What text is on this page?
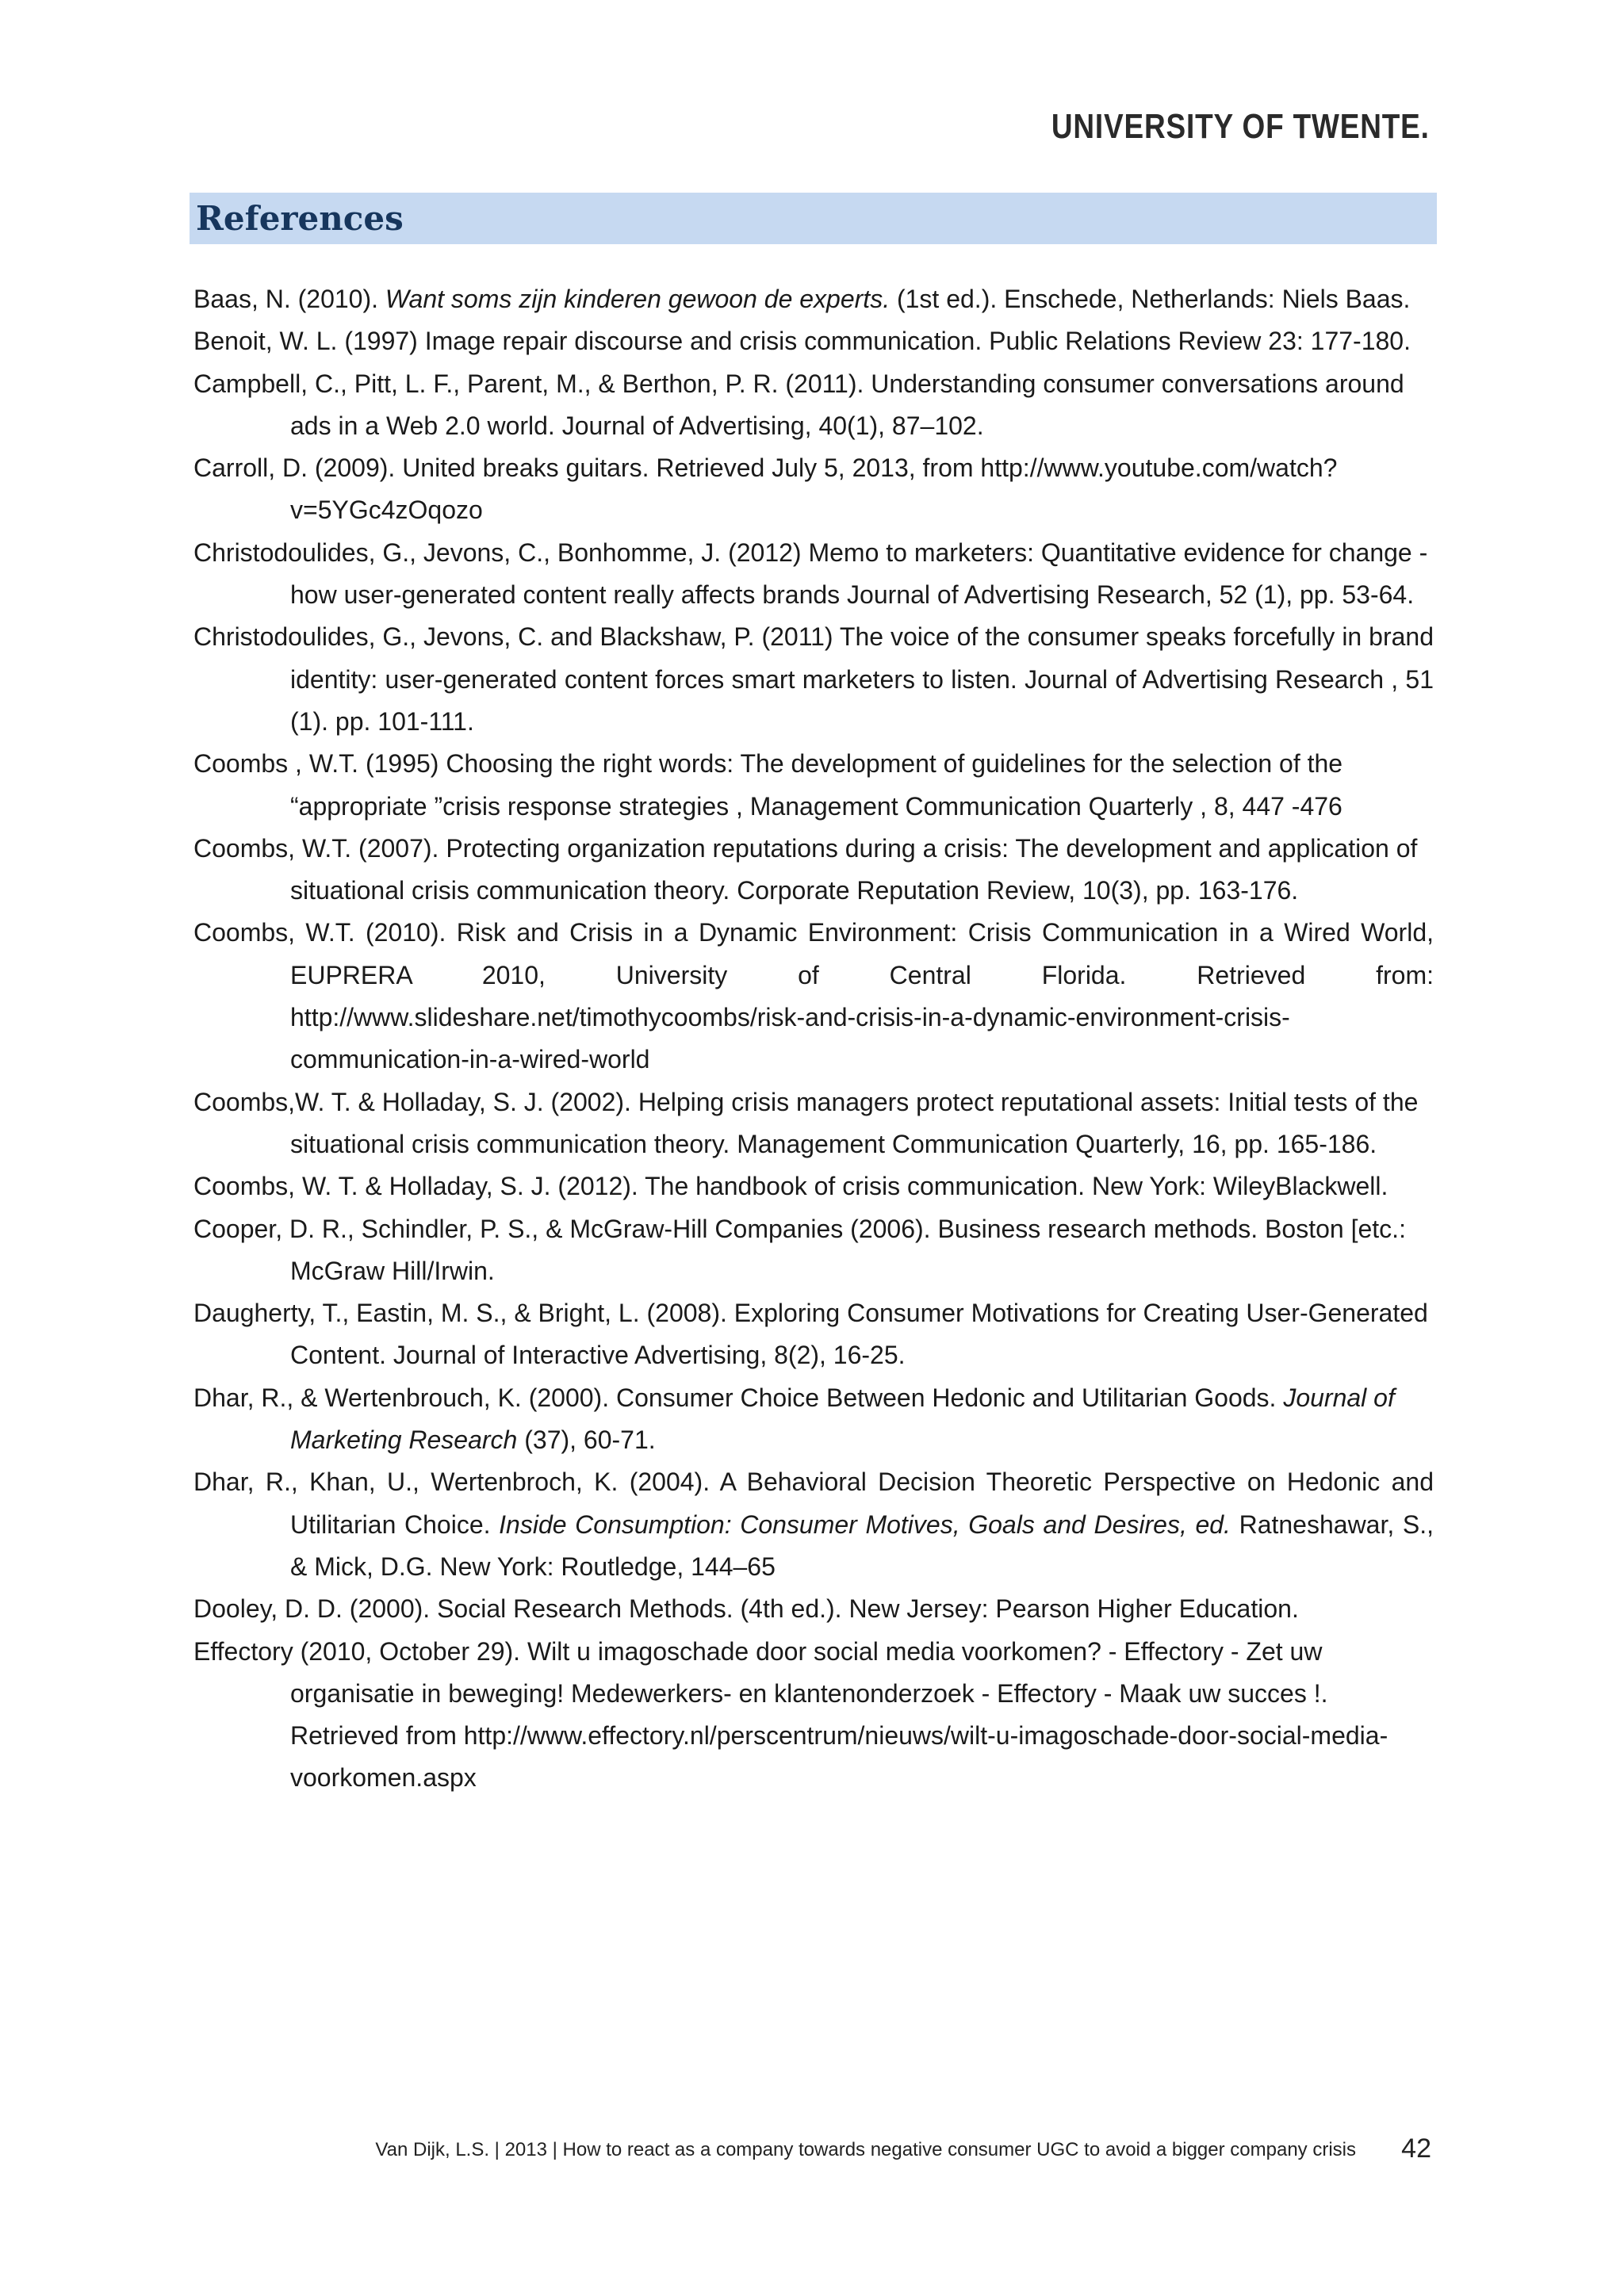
UNIVERSITY OF TWENTE.
References

Baas, N. (2010). Want soms zijn kinderen gewoon de experts. (1st ed.). Enschede, Netherlands: Niels Baas.

Benoit, W. L. (1997) Image repair discourse and crisis communication. Public Relations Review 23: 177-180.

Campbell, C., Pitt, L. F., Parent, M., & Berthon, P. R. (2011). Understanding consumer conversations around ads in a Web 2.0 world. Journal of Advertising, 40(1), 87–102.

Carroll, D. (2009). United breaks guitars. Retrieved July 5, 2013, from http://www.youtube.com/watch?v=5YGc4zOqozo

Christodoulides, G., Jevons, C., Bonhomme, J. (2012) Memo to marketers: Quantitative evidence for change - how user-generated content really affects brands Journal of Advertising Research, 52 (1), pp. 53-64.

Christodoulides, G., Jevons, C. and Blackshaw, P. (2011) The voice of the consumer speaks forcefully in brand identity: user-generated content forces smart marketers to listen. Journal of Advertising Research , 51 (1). pp. 101-111.

Coombs , W.T. (1995) Choosing the right words: The development of guidelines for the selection of the “appropriate ”crisis response strategies , Management Communication Quarterly , 8, 447 -476

Coombs, W.T. (2007). Protecting organization reputations during a crisis: The development and application of situational crisis communication theory. Corporate Reputation Review, 10(3), pp. 163-176.

Coombs, W.T. (2010). Risk and Crisis in a Dynamic Environment: Crisis Communication in a Wired World, EUPRERA 2010, University of Central Florida. Retrieved from: http://www.slideshare.net/timothycoombs/risk-and-crisis-in-a-dynamic-environment-crisis-communication-in-a-wired-world

Coombs,W. T. & Holladay, S. J. (2002). Helping crisis managers protect reputational assets: Initial tests of the situational crisis communication theory. Management Communication Quarterly, 16, pp. 165-186.

Coombs, W. T. & Holladay, S. J. (2012). The handbook of crisis communication. New York: WileyBlackwell.

Cooper, D. R., Schindler, P. S., & McGraw-Hill Companies (2006). Business research methods. Boston [etc.: McGraw Hill/Irwin.

Daugherty, T., Eastin, M. S., & Bright, L. (2008). Exploring Consumer Motivations for Creating User-Generated Content. Journal of Interactive Advertising, 8(2), 16-25.

Dhar, R., & Wertenbrouch, K. (2000). Consumer Choice Between Hedonic and Utilitarian Goods. Journal of Marketing Research (37), 60-71.

Dhar, R., Khan, U., Wertenbroch, K. (2004). A Behavioral Decision Theoretic Perspective on Hedonic and Utilitarian Choice. Inside Consumption: Consumer Motives, Goals and Desires, ed. Ratneshawar, S., & Mick, D.G. New York: Routledge, 144–65

Dooley, D. D. (2000). Social Research Methods. (4th ed.). New Jersey: Pearson Higher Education.

Effectory (2010, October 29). Wilt u imagoschade door social media voorkomen? - Effectory - Zet uw organisatie in beweging! Medewerkers- en klantenonderzoek - Effectory - Maak uw succes !. Retrieved from http://www.effectory.nl/perscentrum/nieuws/wilt-u-imagoschade-door-social-media-voorkomen.aspx

Van Dijk, L.S. | 2013 | How to react as a company towards negative consumer UGC to avoid a bigger company crisis 42
